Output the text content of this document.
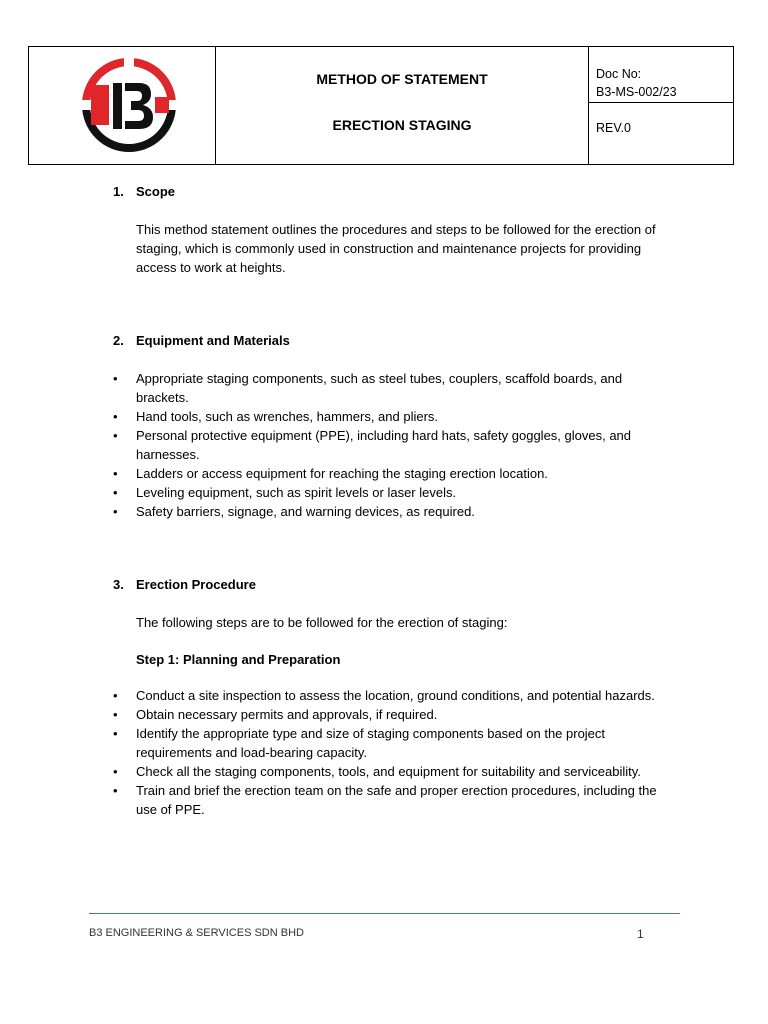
METHOD OF STATEMENT
ERECTION STAGING
Doc No:
B3-MS-002/23
REV.0
1. Scope
This method statement outlines the procedures and steps to be followed for the erection of staging, which is commonly used in construction and maintenance projects for providing access to work at heights.
2. Equipment and Materials
• Appropriate staging components, such as steel tubes, couplers, scaffold boards, and brackets.
• Hand tools, such as wrenches, hammers, and pliers.
• Personal protective equipment (PPE), including hard hats, safety goggles, gloves, and harnesses.
• Ladders or access equipment for reaching the staging erection location.
• Leveling equipment, such as spirit levels or laser levels.
• Safety barriers, signage, and warning devices, as required.
3. Erection Procedure
The following steps are to be followed for the erection of staging:
Step 1: Planning and Preparation
• Conduct a site inspection to assess the location, ground conditions, and potential hazards.
• Obtain necessary permits and approvals, if required.
• Identify the appropriate type and size of staging components based on the project requirements and load-bearing capacity.
• Check all the staging components, tools, and equipment for suitability and serviceability.
• Train and brief the erection team on the safe and proper erection procedures, including the use of PPE.
B3 ENGINEERING & SERVICES SDN BHD	1
